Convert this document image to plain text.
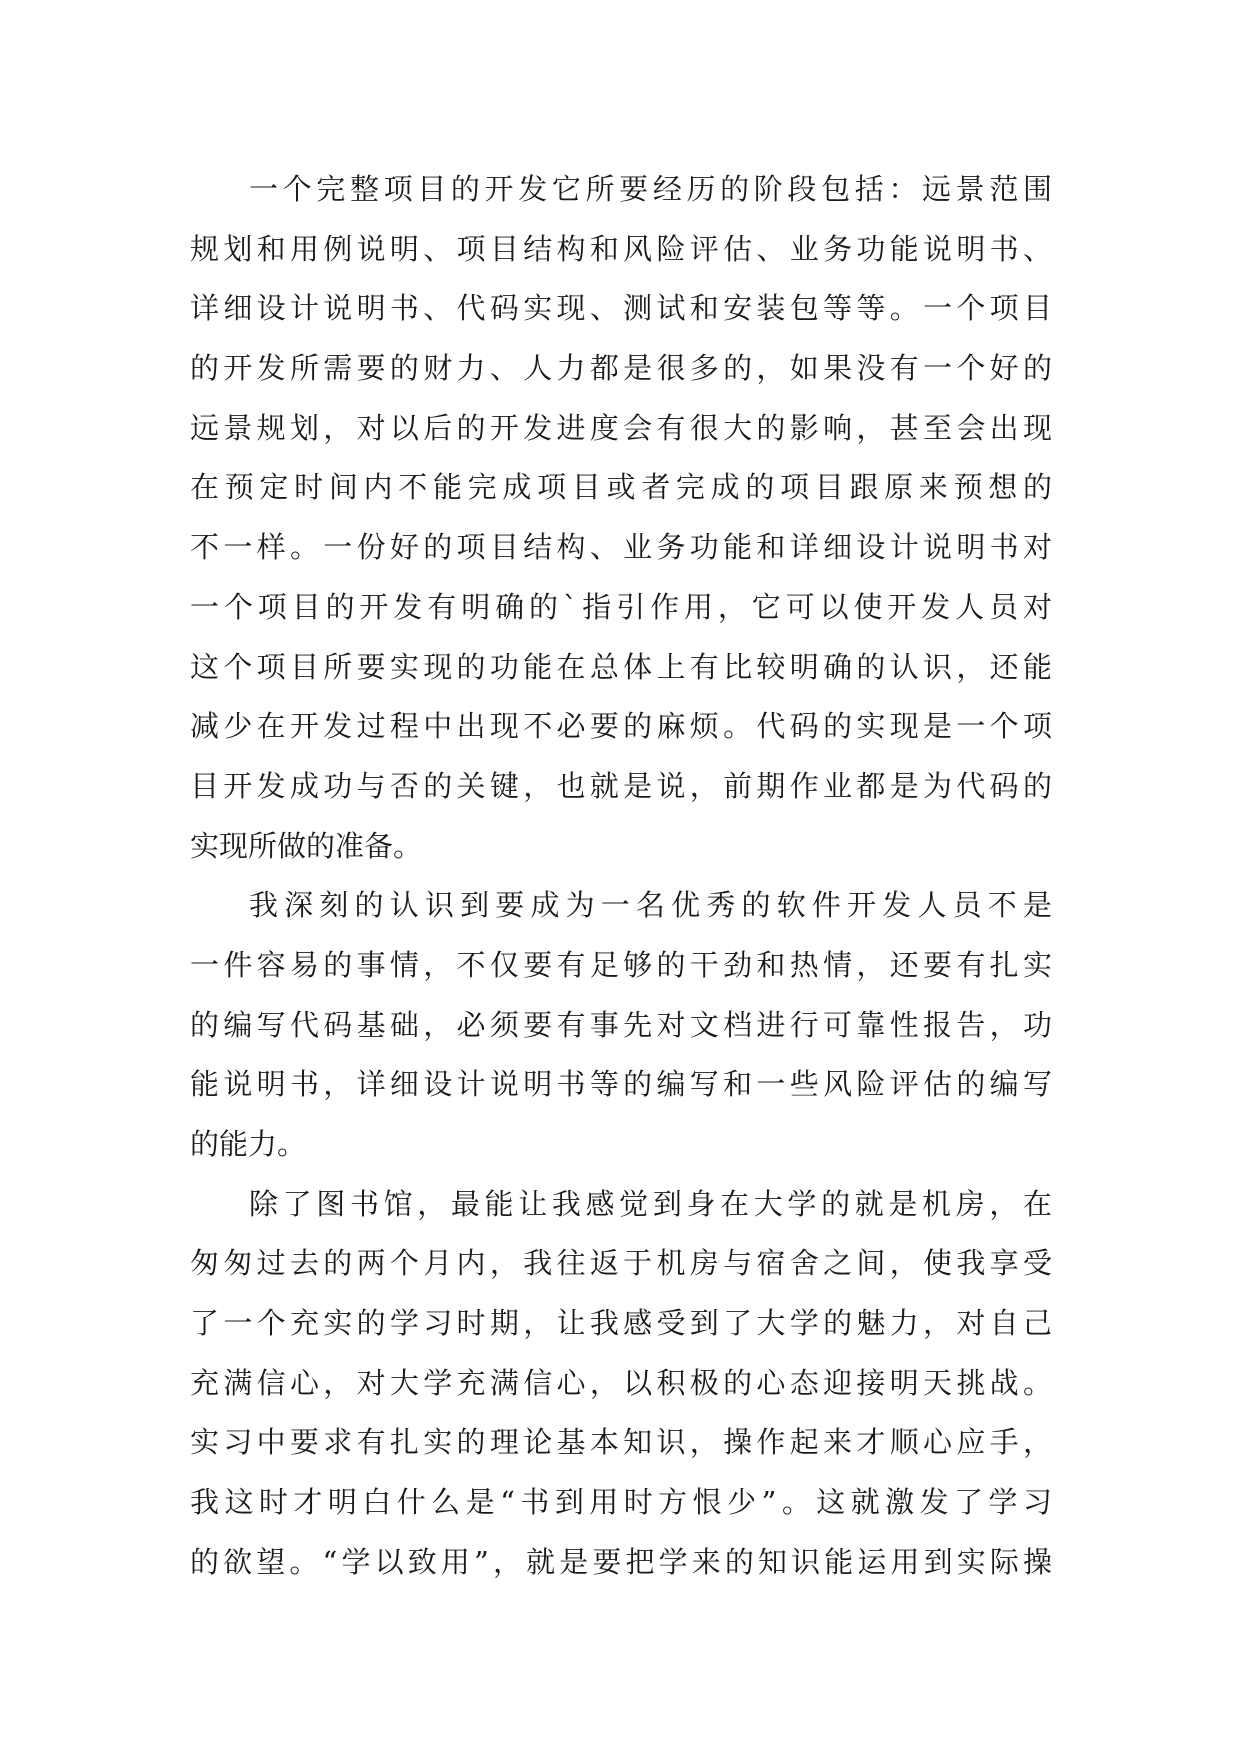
一个完整项目的开发它所要经历的阶段包括：远景范围
规划和用例说明、项目结构和风险评估、业务功能说明书、
详细设计说明书、代码实现、测试和安装包等等。一个项目
的开发所需要的财力、人力都是很多的，如果没有一个好的
远景规划，对以后的开发进度会有很大的影响，甚至会出现
在预定时间内不能完成项目或者完成的项目跟原来预想的
不一样。一份好的项目结构、业务功能和详细设计说明书对
一个项目的开发有明确的`指引作用，它可以使开发人员对
这个项目所要实现的功能在总体上有比较明确的认识，还能
减少在开发过程中出现不必要的麻烦。代码的实现是一个项
目开发成功与否的关键，也就是说，前期作业都是为代码的
实现所做的准备。
我深刻的认识到要成为一名优秀的软件开发人员不是
一件容易的事情，不仅要有足够的干劲和热情，还要有扎实
的编写代码基础，必须要有事先对文档进行可靠性报告，功
能说明书，详细设计说明书等的编写和一些风险评估的编写
的能力。
除了图书馆，最能让我感觉到身在大学的就是机房，在
匆匆过去的两个月内，我往返于机房与宿舍之间，使我享受
了一个充实的学习时期，让我感受到了大学的魅力，对自己
充满信心，对大学充满信心，以积极的心态迎接明天挑战。
实习中要求有扎实的理论基本知识，操作起来才顺心应手，
我这时才明白什么是“书到用时方恨少”。这就激发了学习
的欲望。“学以致用”，就是要把学来的知识能运用到实际操
